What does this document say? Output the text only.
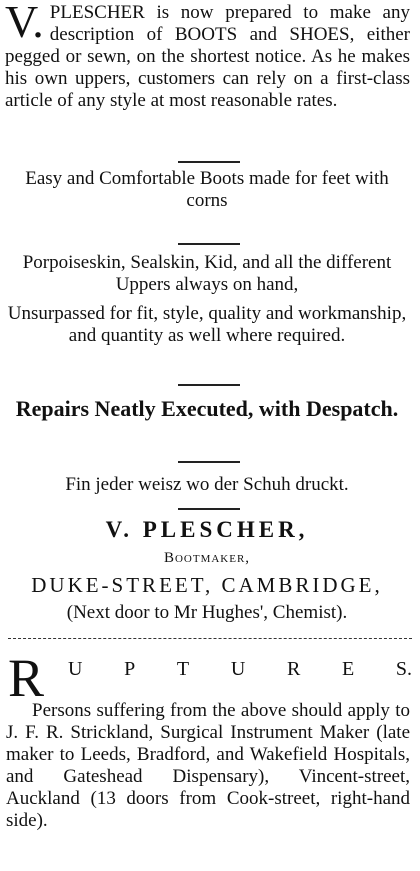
V. PLESCHER is now prepared to make any description of BOOTS and SHOES, either pegged or sewn, on the shortest notice. As he makes his own uppers, customers can rely on a first-class article of any style at most reasonable rates.
Easy and Comfortable Boots made for feet with corns
Porpoiseskin, Sealskin, Kid, and all the different Uppers always on hand,
Unsurpassed for fit, style, quality and workmanship, and quantity as well where required.
Repairs Neatly Executed, with Despatch.
Fin jeder weisz wo der Schuh druckt.
V. PLESCHER,
Bootmaker,
DUKE-STREET, CAMBRIDGE,
(Next door to Mr Hughes', Chemist).
R U P T U R E S.
Persons suffering from the above should apply to J. F. R. Strickland, Surgical Instrument Maker (late maker to Leeds, Bradford, and Wakefield Hospitals, and Gateshead Dispensary), Vincent-street, Auckland (13 doors from Cook-street, right-hand side).
